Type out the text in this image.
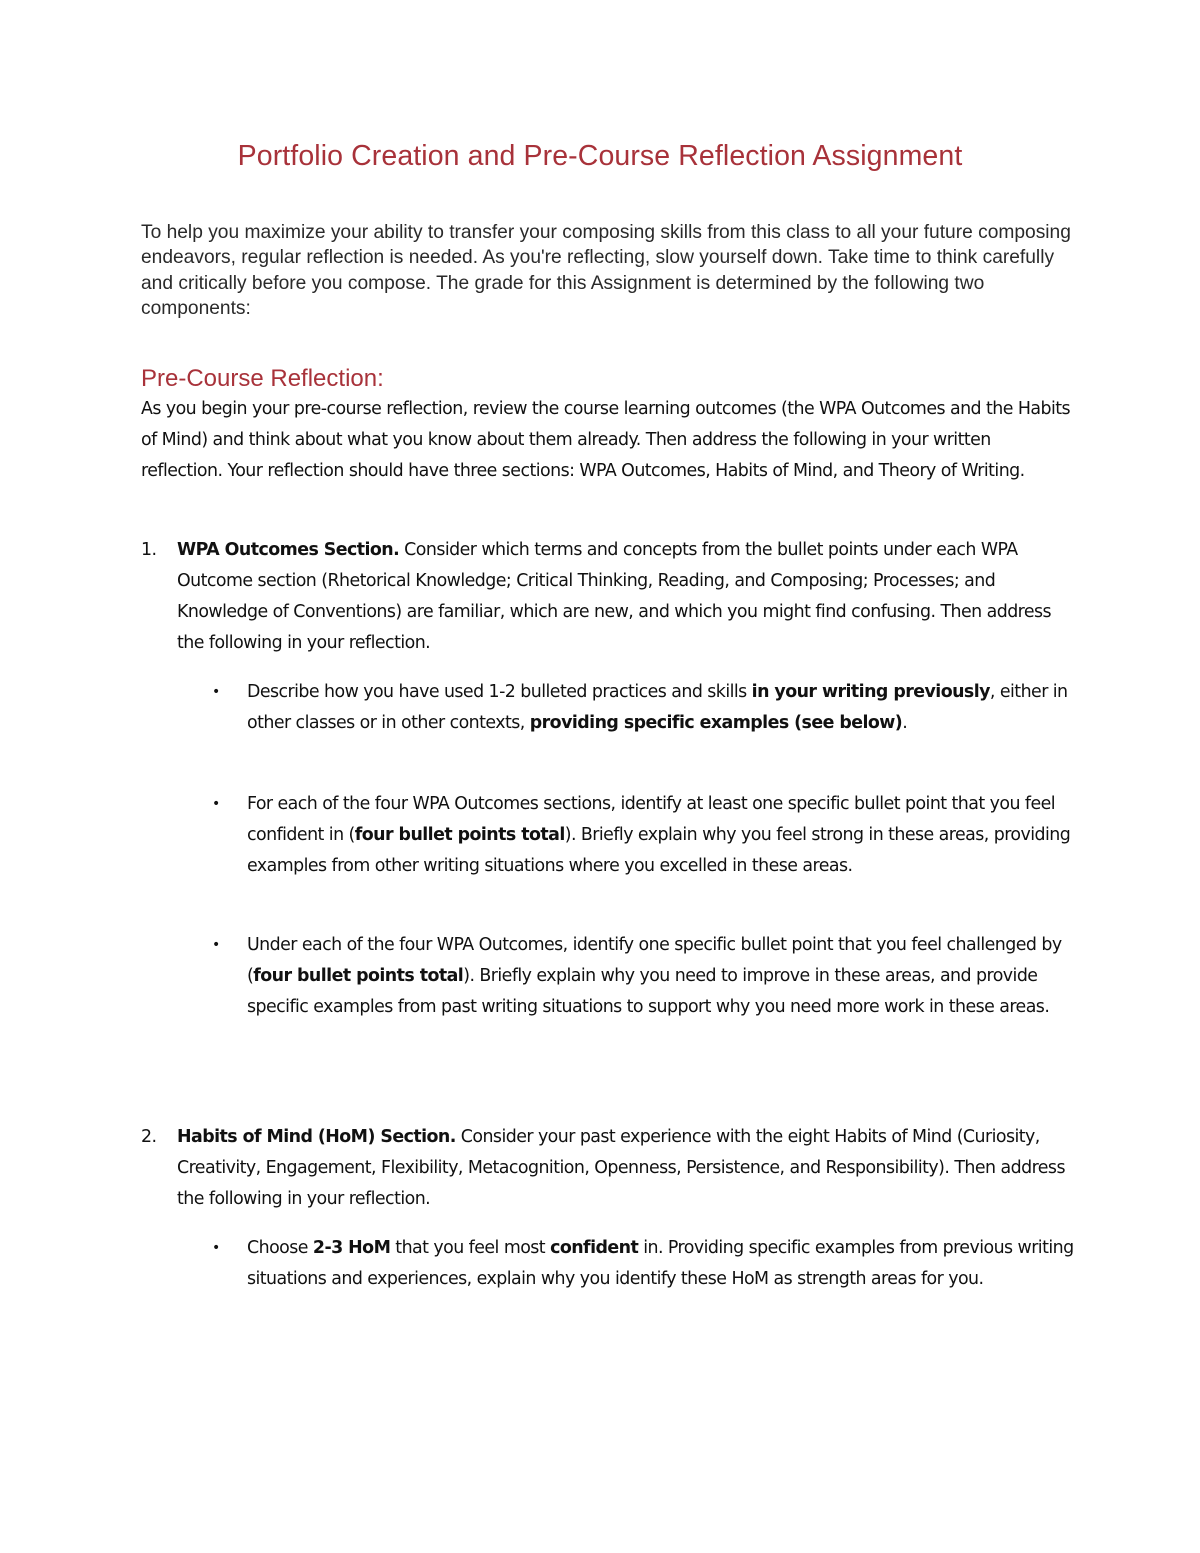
Portfolio Creation and Pre-Course Reflection Assignment

To help you maximize your ability to transfer your composing skills from this class to all your future composing endeavors, regular reflection is needed. As you're reflecting, slow yourself down. Take time to think carefully and critically before you compose. The grade for this Assignment is determined by the following two components:

Pre-Course Reflection:

As you begin your pre-course reflection, review the course learning outcomes (the WPA Outcomes and the Habits of Mind) and think about what you know about them already. Then address the following in your written reflection. Your reflection should have three sections: WPA Outcomes, Habits of Mind, and Theory of Writing.

1.	WPA Outcomes Section. Consider which terms and concepts from the bullet points under each WPA Outcome section (Rhetorical Knowledge; Critical Thinking, Reading, and Composing; Processes; and Knowledge of Conventions) are familiar, which are new, and which you might find confusing. Then address the following in your reflection.

• Describe how you have used 1-2 bulleted practices and skills in your writing previously, either in other classes or in other contexts, providing specific examples (see below).

• For each of the four WPA Outcomes sections, identify at least one specific bullet point that you feel confident in (four bullet points total). Briefly explain why you feel strong in these areas, providing examples from other writing situations where you excelled in these areas.

• Under each of the four WPA Outcomes, identify one specific bullet point that you feel challenged by (four bullet points total). Briefly explain why you need to improve in these areas, and provide specific examples from past writing situations to support why you need more work in these areas.

2.	Habits of Mind (HoM) Section. Consider your past experience with the eight Habits of Mind (Curiosity, Creativity, Engagement, Flexibility, Metacognition, Openness, Persistence, and Responsibility). Then address the following in your reflection.

• Choose 2-3 HoM that you feel most confident in. Providing specific examples from previous writing situations and experiences, explain why you identify these HoM as strength areas for you.
